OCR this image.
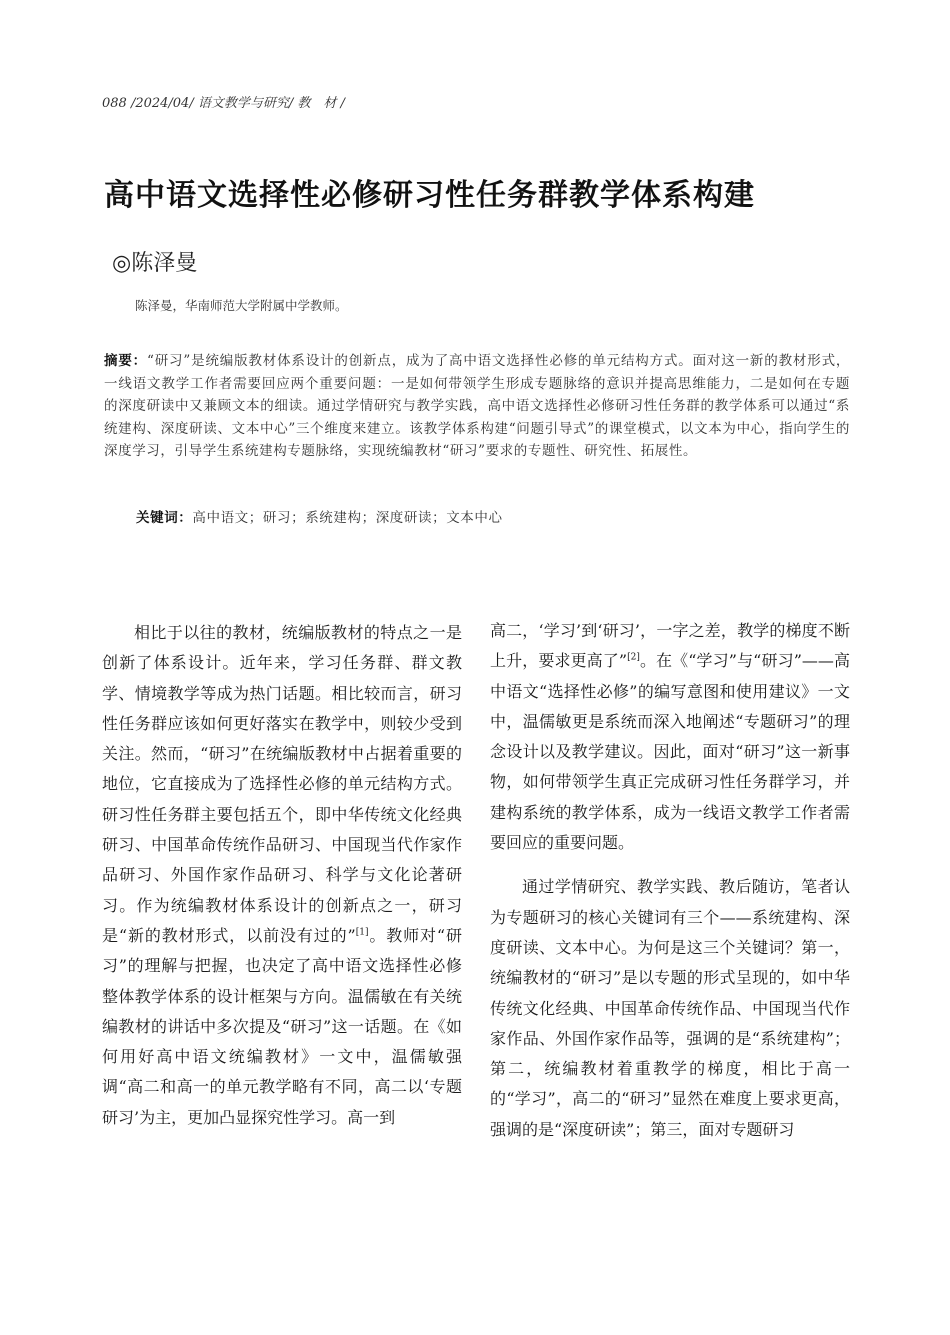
088 /2024/04/ 语文教学与研究/ 教　材 /
高中语文选择性必修研习性任务群教学体系构建
◎陈泽曼
陈泽曼，华南师范大学附属中学教师。
摘要：“研习”是统编版教材体系设计的创新点，成为了高中语文选择性必修的单元结构方式。面对这一新的教材形式，一线语文教学工作者需要回应两个重要问题：一是如何带领学生形成专题脉络的意识并提高思维能力，二是如何在专题的深度研读中又兼顾文本的细读。通过学情研究与教学实践，高中语文选择性必修研习性任务群的教学体系可以通过“系统建构、深度研读、文本中心”三个维度来建立。该教学体系构建“问题引导式”的课堂模式，以文本为中心，指向学生的深度学习，引导学生系统建构专题脉络，实现统编教材“研习”要求的专题性、研究性、拓展性。
关键词：高中语文；研习；系统建构；深度研读；文本中心

相比于以往的教材，统编版教材的特点之一是创新了体系设计。近年来，学习任务群、群文教学、情境教学等成为热门话题。相比较而言，研习性任务群应该如何更好落实在教学中，则较少受到关注。然而，“研习”在统编版教材中占据着重要的地位，它直接成为了选择性必修的单元结构方式。研习性任务群主要包括五个，即中华传统文化经典研习、中国革命传统作品研习、中国现当代作家作品研习、外国作家作品研习、科学与文化论著研习。作为统编教材体系设计的创新点之一，研习是“新的教材形式，以前没有过的”[1]。教师对“研习”的理解与把握，也决定了高中语文选择性必修整体教学体系的设计框架与方向。温儒敏在有关统编教材的讲话中多次提及“研习”这一话题。在《如何用好高中语文统编教材》一文中，温儒敏强调“高二和高一的单元教学略有不同，高二以‘专题研习’为主，更加凸显探究性学习。高一到

高二，‘学习’到‘研习’，一字之差，教学的梯度不断上升，要求更高了”[2]。在《“学习”与“研习”——高中语文“选择性必修”的编写意图和使用建议》一文中，温儒敏更是系统而深入地阐述“专题研习”的理念设计以及教学建议。因此，面对“研习”这一新事物，如何带领学生真正完成研习性任务群学习，并建构系统的教学体系，成为一线语文教学工作者需要回应的重要问题。

通过学情研究、教学实践、教后随访，笔者认为专题研习的核心关键词有三个——系统建构、深度研读、文本中心。为何是这三个关键词？第一，统编教材的“研习”是以专题的形式呈现的，如中华传统文化经典、中国革命传统作品、中国现当代作家作品、外国作家作品等，强调的是“系统建构”；第二，统编教材着重教学的梯度，相比于高一的“学习”，高二的“研习”显然在难度上要求更高，强调的是“深度研读”；第三，面对专题研习
